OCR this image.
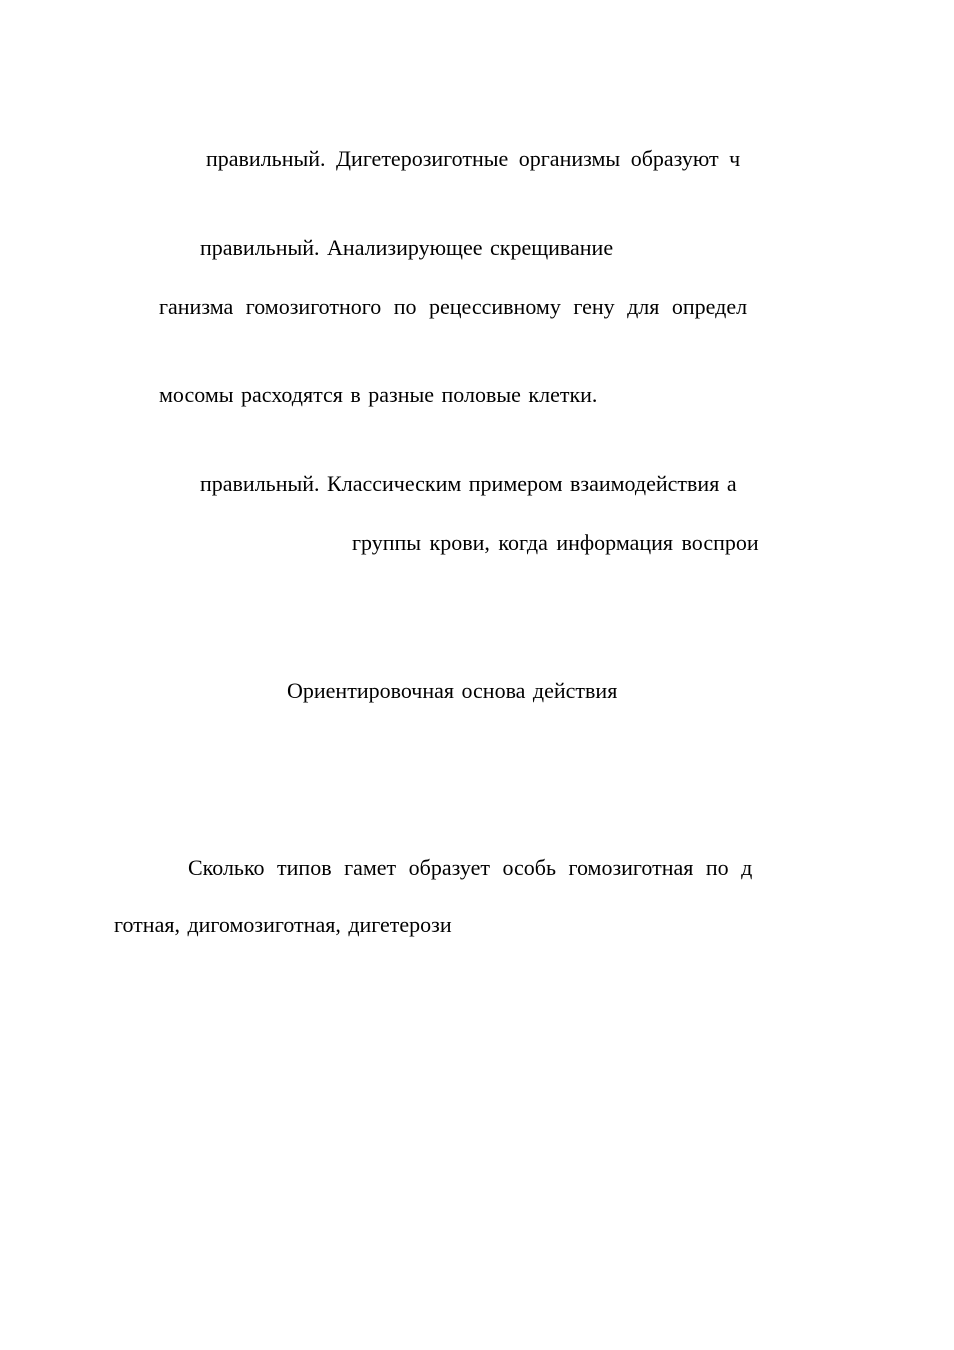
правильный. Дигетерозиготные организмы образуют ч
правильный. Анализирующее скрещивание
ганизма гомозиготного по рецессивному гену для определ
мосомы расходятся в разные половые клетки.
правильный. Классическим примером взаимодействия а
группы крови, когда информация воспрои
Ориентировочная основа действия
Сколько типов гамет образует особь гомозиготная по д
готная, дигомозиготная, дигетерози
